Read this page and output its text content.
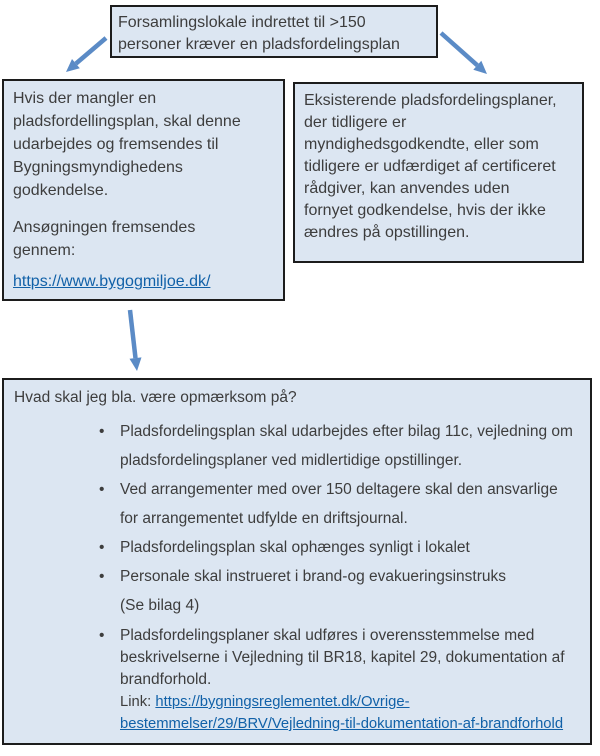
Forsamlingslokale indrettet til >150 personer kræver en pladsfordelingsplan

Hvis der mangler en pladsfordellingsplan, skal denne udarbejdes og fremsendes til Bygningsmyndighedens godkendelse.

Ansøgningen fremsendes gennem:

https://www.bygogmiljoe.dk/

Eksisterende pladsfordelingsplaner, der tidligere er myndighedsgodkendte, eller som tidligere er udfærdiget af certificeret rådgiver, kan anvendes uden fornyet godkendelse, hvis der ikke ændres på opstillingen.

Hvad skal jeg bla. være opmærksom på?

• Pladsfordelingsplan skal udarbejdes efter bilag 11c, vejledning om pladsfordelingsplaner ved midlertidige opstillinger.
• Ved arrangementer med over 150 deltagere skal den ansvarlige for arrangementet udfylde en driftsjournal.
• Pladsfordelingsplan skal ophænges synligt i lokalet
• Personale skal instrueret i brand-og evakueringsinstruks
(Se bilag 4)
• Pladsfordelingsplaner skal udføres i overensstemmelse med beskrivelserne i Vejledning til BR18, kapitel 29, dokumentation af brandforhold.
Link: https://bygningsreglementet.dk/Ovrige-bestemmelser/29/BRV/Vejledning-til-dokumentation-af-brandforhold
